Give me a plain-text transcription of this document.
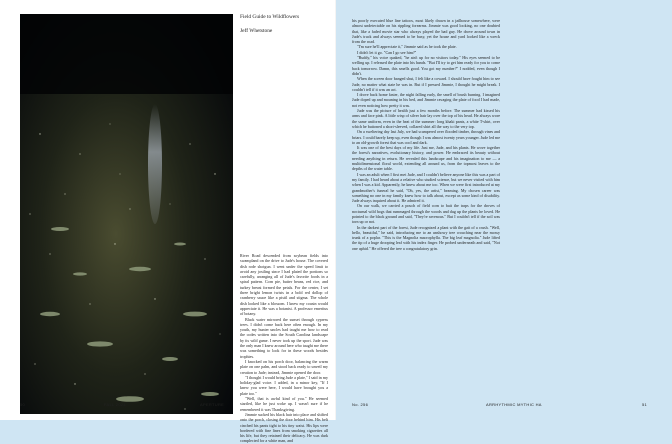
Field Guide to Wildflowers
Jeff Whetstone

River Road descended from soybean fields into swampland on the drive to Jude's house. The covered dish rode shotgun. I went under the speed limit to avoid any jostling since I had plated the portions so carefully, arranging all of Jude's favorite foods in a spiral pattern. Corn pie, butter beans, red rice, and turkey breast formed the petals. For the center, I set three bright lemon twists in a bold red dollop of cranberry sauce like a pistil and stigma. The whole dish looked like a blossom. I knew my cousin would appreciate it. He was a botanist. A professor emeritus of botany.

Black water mirrored the sunset through cypress trees. I didn't come back here often enough. In my youth, my hunter uncles had taught me how to read the codes written into the South Carolina landscape by its wild game. I never took up the sport. Jude was the only man I knew around here who taught me there was something to look for in these woods besides trophies.

I knocked on his porch door, balancing the warm plate on one palm, and stood back ready to unveil my creation to Jude; instead, Jimmie opened the door.

"I thought I would bring Jude a plate," I said in my holiday-glad voice. I added, in a minor key, "If I knew you were here, I would have brought you a plate too."

"Well, that is awful kind of you." He seemed startled, like he just woke up. I wasn't sure if he remembered it was Thanksgiving.

Jimmie sucked his black hair into place and shifted onto the porch, closing the door behind him. His belt cinched his pants tight to his tiny waist. His lips were bordered with fine lines from smoking cigarettes all his life, but they retained their delicacy. He was dark complected for a white man, and

50	FALL 2024	APERTURE

his poorly executed blue line tattoos, most likely drawn in a jailhouse somewhere, were almost undetectable on his rippling forearms. Jimmie was good looking, no one doubted that, like a faded movie star who always played the bad guy. He drove around town in Jude's truck and always seemed to be busy, yet the house and yard looked like a wreck from the road.

"I'm sure he'll appreciate it," Jimmie said as he took the plate.

I didn't let it go. "Can I go see him?"

"Buddy," his voice quaked, "he ain't up for no visitors today." His eyes seemed to be welling up. I released the plate into his hands. "But I'll try to get him ready for you to come back tomorrow. Damn, this smells good. You got my number?" I nodded, even though I didn't.

When the screen door banged shut, I felt like a coward. I should have fought him to see Jude, no matter what state he was in. But if I pressed Jimmie, I thought he might break. I couldn't tell if it was an act.

I drove back home faster, the night falling early, the smell of brush burning. I imagined Jude doped up and moaning in his bed, and Jimmie ravaging the plate of food I had made, not even noticing how pretty it was.

Jude was the picture of health just a few months before. The summer had kissed his arms and face pink. A little wisp of silver hair lay over the top of his head. He always wore the same uniform, even in the heat of the summer: long khaki pants, a white T-shirt, over which he buttoned a short-sleeved, collared shirt all the way to the very top.

On a sweltering day last July, we had scampered over flooded timber, through vines and briars. I could barely keep up, even though I was almost twenty years younger. Jude led me to an old-growth forest that was cool and dark.

It was one of the best days of my life. Just me, Jude, and his plants. He wove together the forest's narratives, evolutionary history, and power. He embraced its beauty without needing anything in return. He revealed this landscape and his imagination to me — a multidimensional floral world, extending all around us, from the topmost leaves to the depths of the water table.

I was an adult when I first met Jude, and I couldn't believe anyone like this was a part of my family. I had heard about a relative who studied science, but we never visited with him when I was a kid. Apparently, he knew about me too. When we were first introduced at my grandmother's funeral he said, "Oh, yes, the artist," beaming. My chosen career was something no one in my family knew how to talk about, except as some kind of disability. Jude always inquired about it. He admired it.

On our walk, we carried a pouch of field corn to bait the traps for the droves of nocturnal wild hogs that rummaged through the woods and dug up the plants he loved. He pointed to the black ground and said, "They're ravenous." But I couldn't tell if the soil was torn up or not.

In the darkest part of the forest, Jude recognized a plant with the gait of a crush. "Well, hello, beautiful," he said, introducing me to an unshowy tree crouching near the mossy trunk of a poplar. "This is the Magnolia macrophylla. The big leaf magnolia." Jude lifted the tip of a huge drooping leaf with his index finger. He probed underneath and said, "Not one aphid." He offered the tree a congratulatory grin.

No. 256	ARRHYTHMIC MYTHIC HA	51
